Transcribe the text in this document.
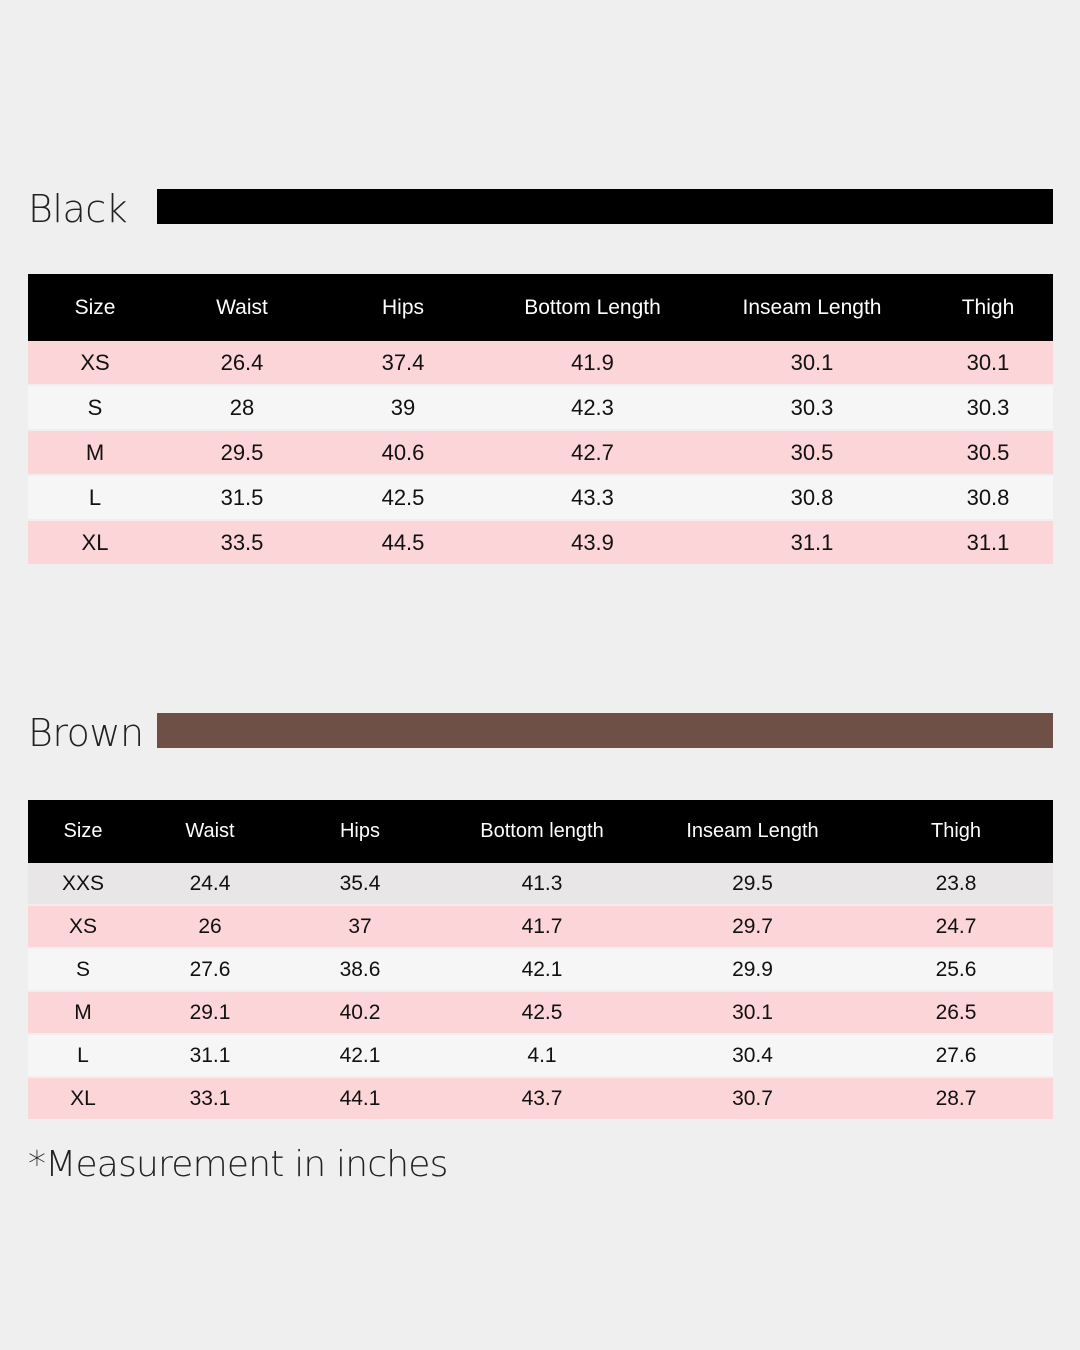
Black
Size	Waist	Hips	Bottom Length	Inseam Length	Thigh
XS	26.4	37.4	41.9	30.1	30.1
S	28	39	42.3	30.3	30.3
M	29.5	40.6	42.7	30.5	30.5
L	31.5	42.5	43.3	30.8	30.8
XL	33.5	44.5	43.9	31.1	31.1
Brown
Size	Waist	Hips	Bottom length	Inseam Length	Thigh
XXS	24.4	35.4	41.3	29.5	23.8
XS	26	37	41.7	29.7	24.7
S	27.6	38.6	42.1	29.9	25.6
M	29.1	40.2	42.5	30.1	26.5
L	31.1	42.1	4.1	30.4	27.6
XL	33.1	44.1	43.7	30.7	28.7
*Measurement in inches
